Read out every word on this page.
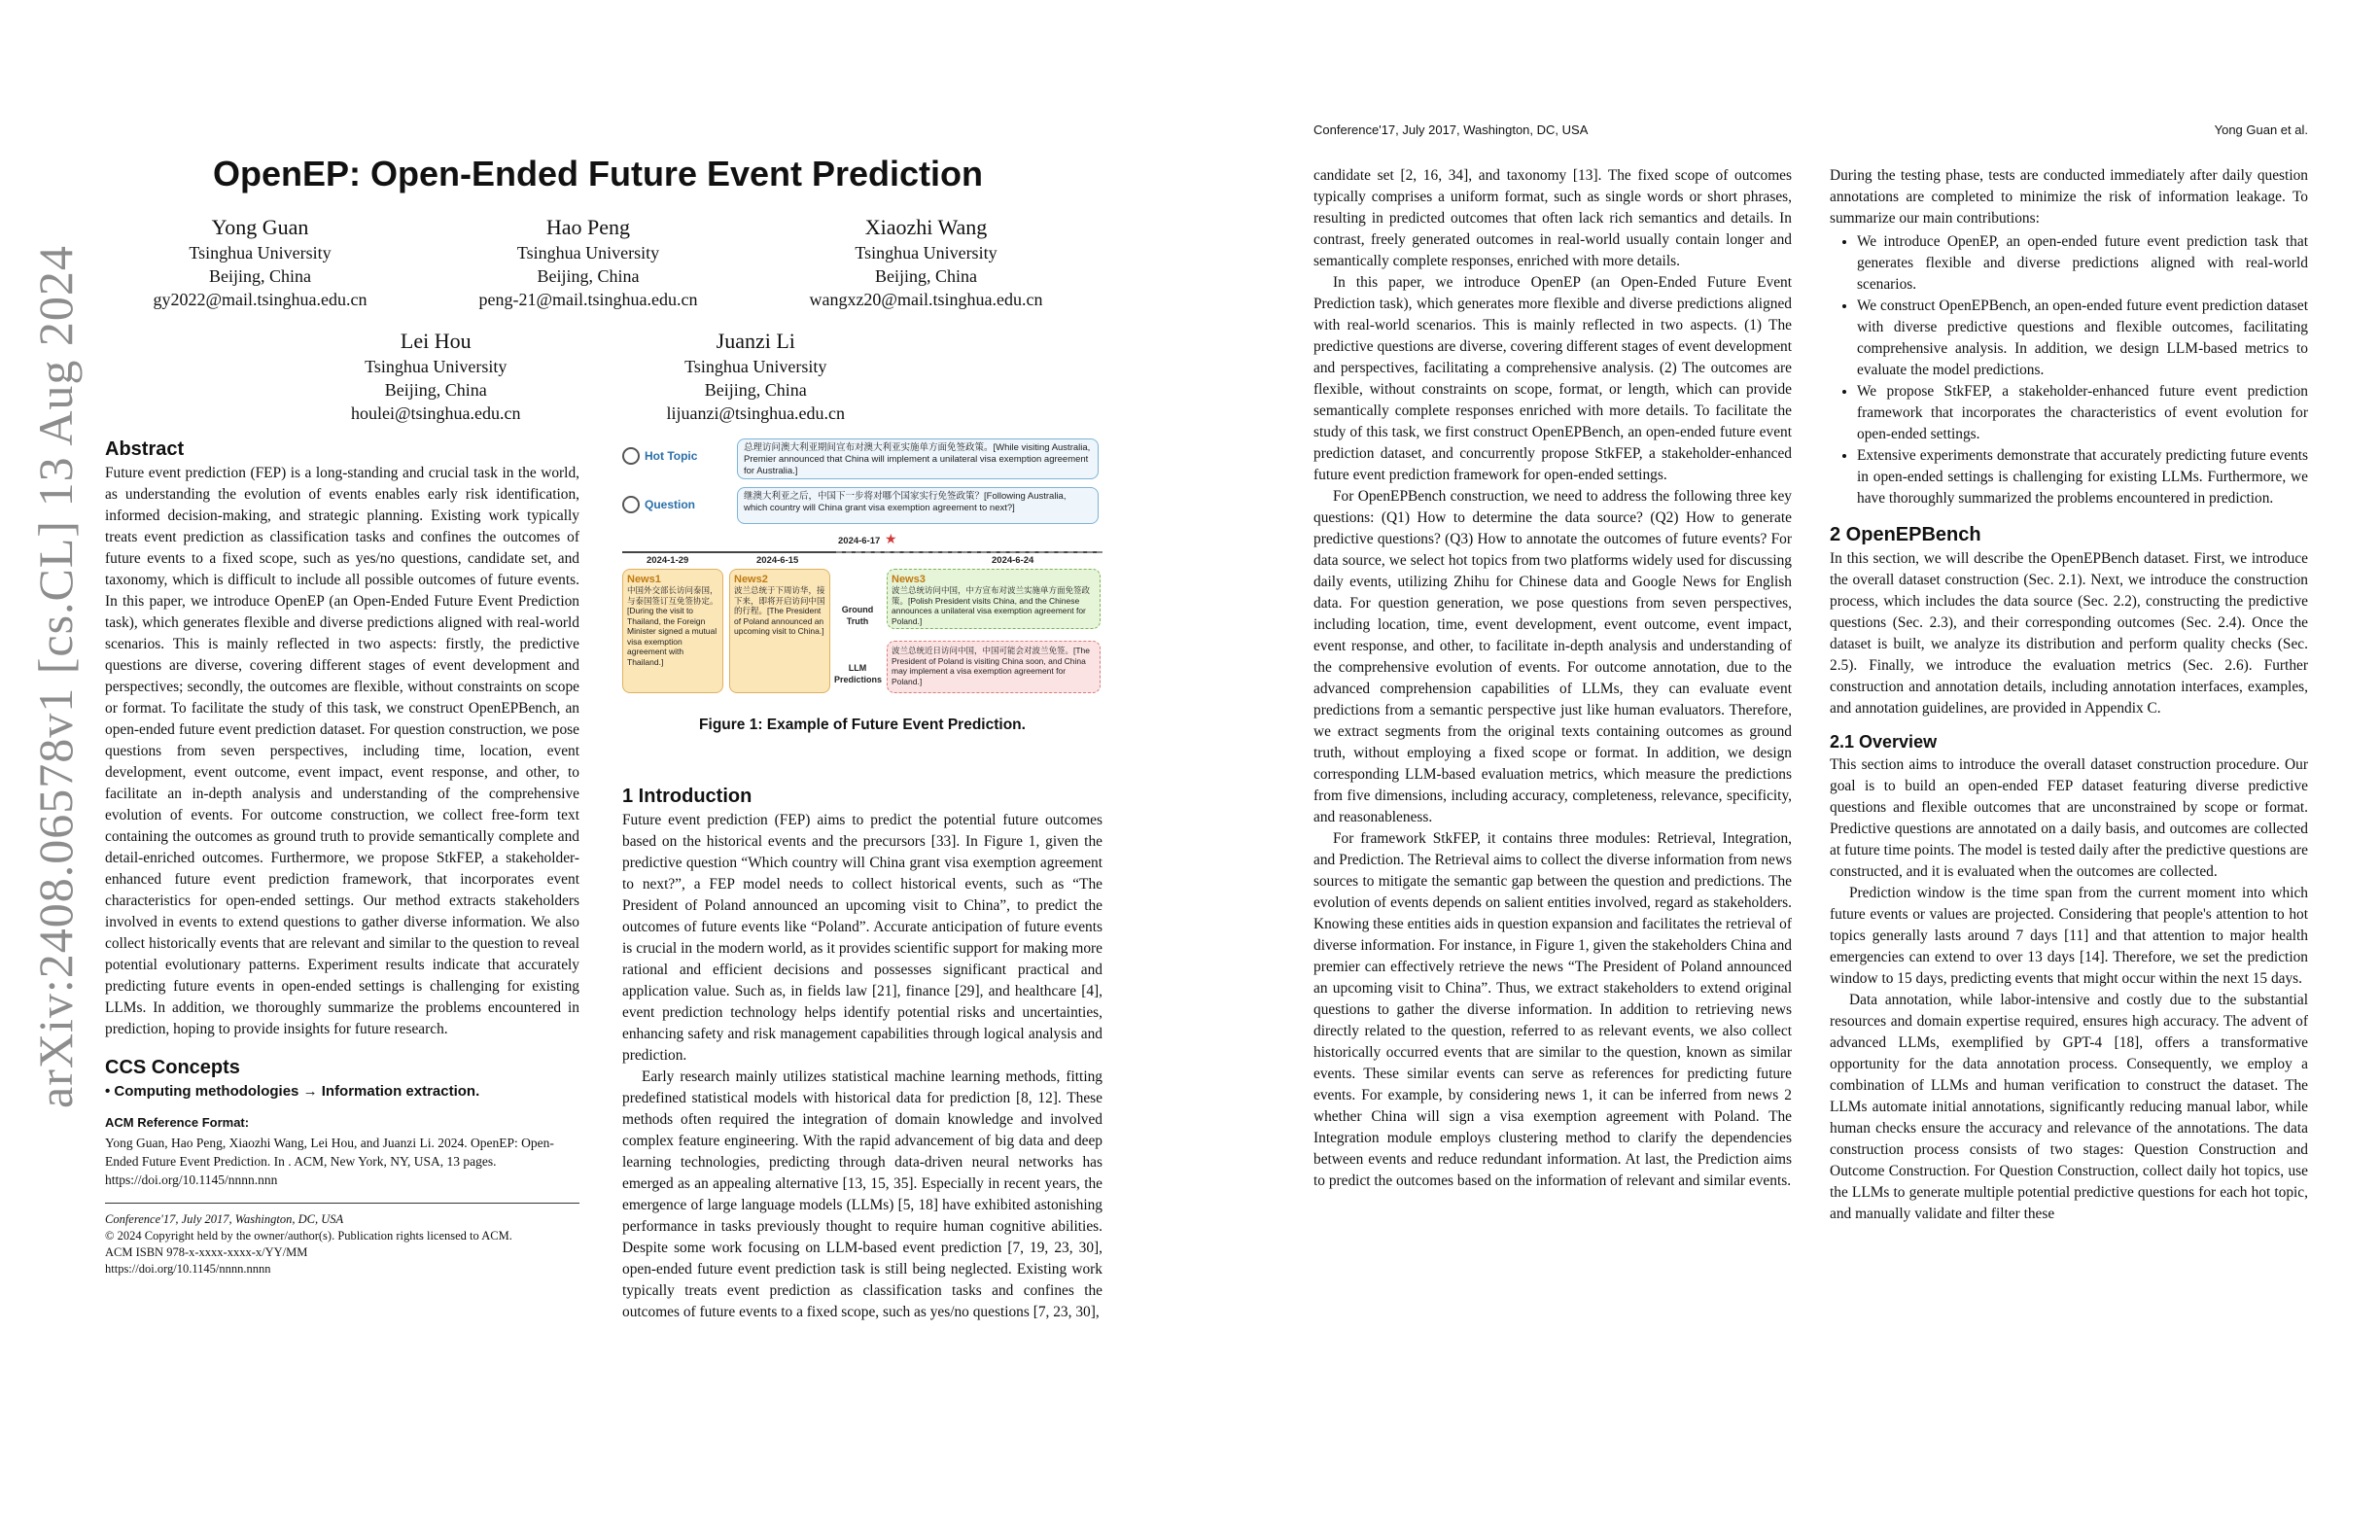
arXiv:2408.06578v1 [cs.CL] 13 Aug 2024
OpenEP: Open-Ended Future Event Prediction
Yong Guan
Tsinghua University
Beijing, China
gy2022@mail.tsinghua.edu.cn
Hao Peng
Tsinghua University
Beijing, China
peng-21@mail.tsinghua.edu.cn
Xiaozhi Wang
Tsinghua University
Beijing, China
wangxz20@mail.tsinghua.edu.cn
Lei Hou
Tsinghua University
Beijing, China
houlei@tsinghua.edu.cn
Juanzi Li
Tsinghua University
Beijing, China
lijuanzi@tsinghua.edu.cn
Abstract

Future event prediction (FEP) is a long-standing and crucial task in the world, as understanding the evolution of events enables early risk identification, informed decision-making, and strategic planning. Existing work typically treats event prediction as classification tasks and confines the outcomes of future events to a fixed scope, such as yes/no questions, candidate set, and taxonomy, which is difficult to include all possible outcomes of future events. In this paper, we introduce OpenEP (an Open-Ended Future Event Prediction task), which generates flexible and diverse predictions aligned with real-world scenarios. This is mainly reflected in two aspects: firstly, the predictive questions are diverse, covering different stages of event development and perspectives; secondly, the outcomes are flexible, without constraints on scope or format. To facilitate the study of this task, we construct OpenEPBench, an open-ended future event prediction dataset. For question construction, we pose questions from seven perspectives, including time, location, event development, event outcome, event impact, event response, and other, to facilitate an in-depth analysis and understanding of the comprehensive evolution of events. For outcome construction, we collect free-form text containing the outcomes as ground truth to provide semantically complete and detail-enriched outcomes. Furthermore, we propose StkFEP, a stakeholder-enhanced future event prediction framework, that incorporates event characteristics for open-ended settings. Our method extracts stakeholders involved in events to extend questions to gather diverse information. We also collect historically events that are relevant and similar to the question to reveal potential evolutionary patterns. Experiment results indicate that accurately predicting future events in open-ended settings is challenging for existing LLMs. In addition, we thoroughly summarize the problems encountered in prediction, hoping to provide insights for future research.

CCS Concepts
• Computing methodologies → Information extraction.
ACM Reference Format:
Yong Guan, Hao Peng, Xiaozhi Wang, Lei Hou, and Juanzi Li. 2024. OpenEP: Open-Ended Future Event Prediction. In . ACM, New York, NY, USA, 13 pages. https://doi.org/10.1145/nnnn.nnn
Conference'17, July 2017, Washington, DC, USA
© 2024 Copyright held by the owner/author(s). Publication rights licensed to ACM.
ACM ISBN 978-x-xxxx-xxxx-x/YY/MM
https://doi.org/10.1145/nnnn.nnnn
Hot Topic
总理访问澳大利亚期间宣布对澳大利亚实施单方面免签政策。[While visiting Australia, Premier announced that China will implement a unilateral visa exemption agreement for Australia.]
Question
继澳大利亚之后，中国下一步将对哪个国家实行免签政策？[Following Australia, which country will China grant visa exemption agreement to next?]
2024-1-29	2024-6-15
2024-6-17 ★
2024-6-24
News1
中国外交部长访问泰国，与泰国签订互免签协定。[During the visit to Thailand, the Foreign Minister signed a mutual visa exemption agreement with Thailand.]
News2
波兰总统于下周访华，接下来，即将开启访问中国的行程。[The President of Poland announced an upcoming visit to China.]
Ground Truth
LLM Predictions
News3
波兰总统访问中国，中方宣布对波兰实施单方面免签政策。[Polish President visits China, and the Chinese announces a unilateral visa exemption agreement for Poland.]
波兰总统近日访问中国，中国可能会对波兰免签。[The President of Poland is visiting China soon, and China may implement a visa exemption agreement for Poland.]
Figure 1: Example of Future Event Prediction.
1 Introduction

Future event prediction (FEP) aims to predict the potential future outcomes based on the historical events and the precursors [33]. In Figure 1, given the predictive question “Which country will China grant visa exemption agreement to next?”, a FEP model needs to collect historical events, such as “The President of Poland announced an upcoming visit to China”, to predict the outcomes of future events like “Poland”. Accurate anticipation of future events is crucial in the modern world, as it provides scientific support for making more rational and efficient decisions and possesses significant practical and application value. Such as, in fields law [21], finance [29], and healthcare [4], event prediction technology helps identify potential risks and uncertainties, enhancing safety and risk management capabilities through logical analysis and prediction.

Early research mainly utilizes statistical machine learning methods, fitting predefined statistical models with historical data for prediction [8, 12]. These methods often required the integration of domain knowledge and involved complex feature engineering. With the rapid advancement of big data and deep learning technologies, predicting through data-driven neural networks has emerged as an appealing alternative [13, 15, 35]. Especially in recent years, the emergence of large language models (LLMs) [5, 18] have exhibited astonishing performance in tasks previously thought to require human cognitive abilities. Despite some work focusing on LLM-based event prediction [7, 19, 23, 30], open-ended future event prediction task is still being neglected. Existing work typically treats event prediction as classification tasks and confines the outcomes of future events to a fixed scope, such as yes/no questions [7, 23, 30],

Conference'17, July 2017, Washington, DC, USA	Yong Guan et al.

candidate set [2, 16, 34], and taxonomy [13]. The fixed scope of outcomes typically comprises a uniform format, such as single words or short phrases, resulting in predicted outcomes that often lack rich semantics and details. In contrast, freely generated outcomes in real-world usually contain longer and semantically complete responses, enriched with more details.

In this paper, we introduce OpenEP (an Open-Ended Future Event Prediction task), which generates more flexible and diverse predictions aligned with real-world scenarios. This is mainly reflected in two aspects. (1) The predictive questions are diverse, covering different stages of event development and perspectives, facilitating a comprehensive analysis. (2) The outcomes are flexible, without constraints on scope, format, or length, which can provide semantically complete responses enriched with more details. To facilitate the study of this task, we first construct OpenEPBench, an open-ended future event prediction dataset, and concurrently propose StkFEP, a stakeholder-enhanced future event prediction framework for open-ended settings.

For OpenEPBench construction, we need to address the following three key questions: (Q1) How to determine the data source? (Q2) How to generate predictive questions? (Q3) How to annotate the outcomes of future events? For data source, we select hot topics from two platforms widely used for discussing daily events, utilizing Zhihu for Chinese data and Google News for English data. For question generation, we pose questions from seven perspectives, including location, time, event development, event outcome, event impact, event response, and other, to facilitate in-depth analysis and understanding of the comprehensive evolution of events. For outcome annotation, due to the advanced comprehension capabilities of LLMs, they can evaluate event predictions from a semantic perspective just like human evaluators. Therefore, we extract segments from the original texts containing outcomes as ground truth, without employing a fixed scope or format. In addition, we design corresponding LLM-based evaluation metrics, which measure the predictions from five dimensions, including accuracy, completeness, relevance, specificity, and reasonableness.

For framework StkFEP, it contains three modules: Retrieval, Integration, and Prediction. The Retrieval aims to collect the diverse information from news sources to mitigate the semantic gap between the question and predictions. The evolution of events depends on salient entities involved, regard as stakeholders. Knowing these entities aids in question expansion and facilitates the retrieval of diverse information. For instance, in Figure 1, given the stakeholders China and premier can effectively retrieve the news “The President of Poland announced an upcoming visit to China”. Thus, we extract stakeholders to extend original questions to gather the diverse information. In addition to retrieving news directly related to the question, referred to as relevant events, we also collect historically occurred events that are similar to the question, known as similar events. These similar events can serve as references for predicting future events. For example, by considering news 1, it can be inferred from news 2 whether China will sign a visa exemption agreement with Poland. The Integration module employs clustering method to clarify the dependencies between events and reduce redundant information. At last, the Prediction aims to predict the outcomes based on the information of relevant and similar events.

During the testing phase, tests are conducted immediately after daily question annotations are completed to minimize the risk of information leakage. To summarize our main contributions:

• We introduce OpenEP, an open-ended future event prediction task that generates flexible and diverse predictions aligned with real-world scenarios.
• We construct OpenEPBench, an open-ended future event prediction dataset with diverse predictive questions and flexible outcomes, facilitating comprehensive analysis. In addition, we design LLM-based metrics to evaluate the model predictions.
• We propose StkFEP, a stakeholder-enhanced future event prediction framework that incorporates the characteristics of event evolution for open-ended settings.
• Extensive experiments demonstrate that accurately predicting future events in open-ended settings is challenging for existing LLMs. Furthermore, we have thoroughly summarized the problems encountered in prediction.
2 OpenEPBench

In this section, we will describe the OpenEPBench dataset. First, we introduce the overall dataset construction (Sec. 2.1). Next, we introduce the construction process, which includes the data source (Sec. 2.2), constructing the predictive questions (Sec. 2.3), and their corresponding outcomes (Sec. 2.4). Once the dataset is built, we analyze its distribution and perform quality checks (Sec. 2.5). Finally, we introduce the evaluation metrics (Sec. 2.6). Further construction and annotation details, including annotation interfaces, examples, and annotation guidelines, are provided in Appendix C.

2.1 Overview

This section aims to introduce the overall dataset construction procedure. Our goal is to build an open-ended FEP dataset featuring diverse predictive questions and flexible outcomes that are unconstrained by scope or format. Predictive questions are annotated on a daily basis, and outcomes are collected at future time points. The model is tested daily after the predictive questions are constructed, and it is evaluated when the outcomes are collected.

Prediction window is the time span from the current moment into which future events or values are projected. Considering that people's attention to hot topics generally lasts around 7 days [11] and that attention to major health emergencies can extend to over 13 days [14]. Therefore, we set the prediction window to 15 days, predicting events that might occur within the next 15 days.

Data annotation, while labor-intensive and costly due to the substantial resources and domain expertise required, ensures high accuracy. The advent of advanced LLMs, exemplified by GPT-4 [18], offers a transformative opportunity for the data annotation process. Consequently, we employ a combination of LLMs and human verification to construct the dataset. The LLMs automate initial annotations, significantly reducing manual labor, while human checks ensure the accuracy and relevance of the annotations. The data construction process consists of two stages: Question Construction and Outcome Construction. For Question Construction, collect daily hot topics, use the LLMs to generate multiple potential predictive questions for each hot topic, and manually validate and filter these
